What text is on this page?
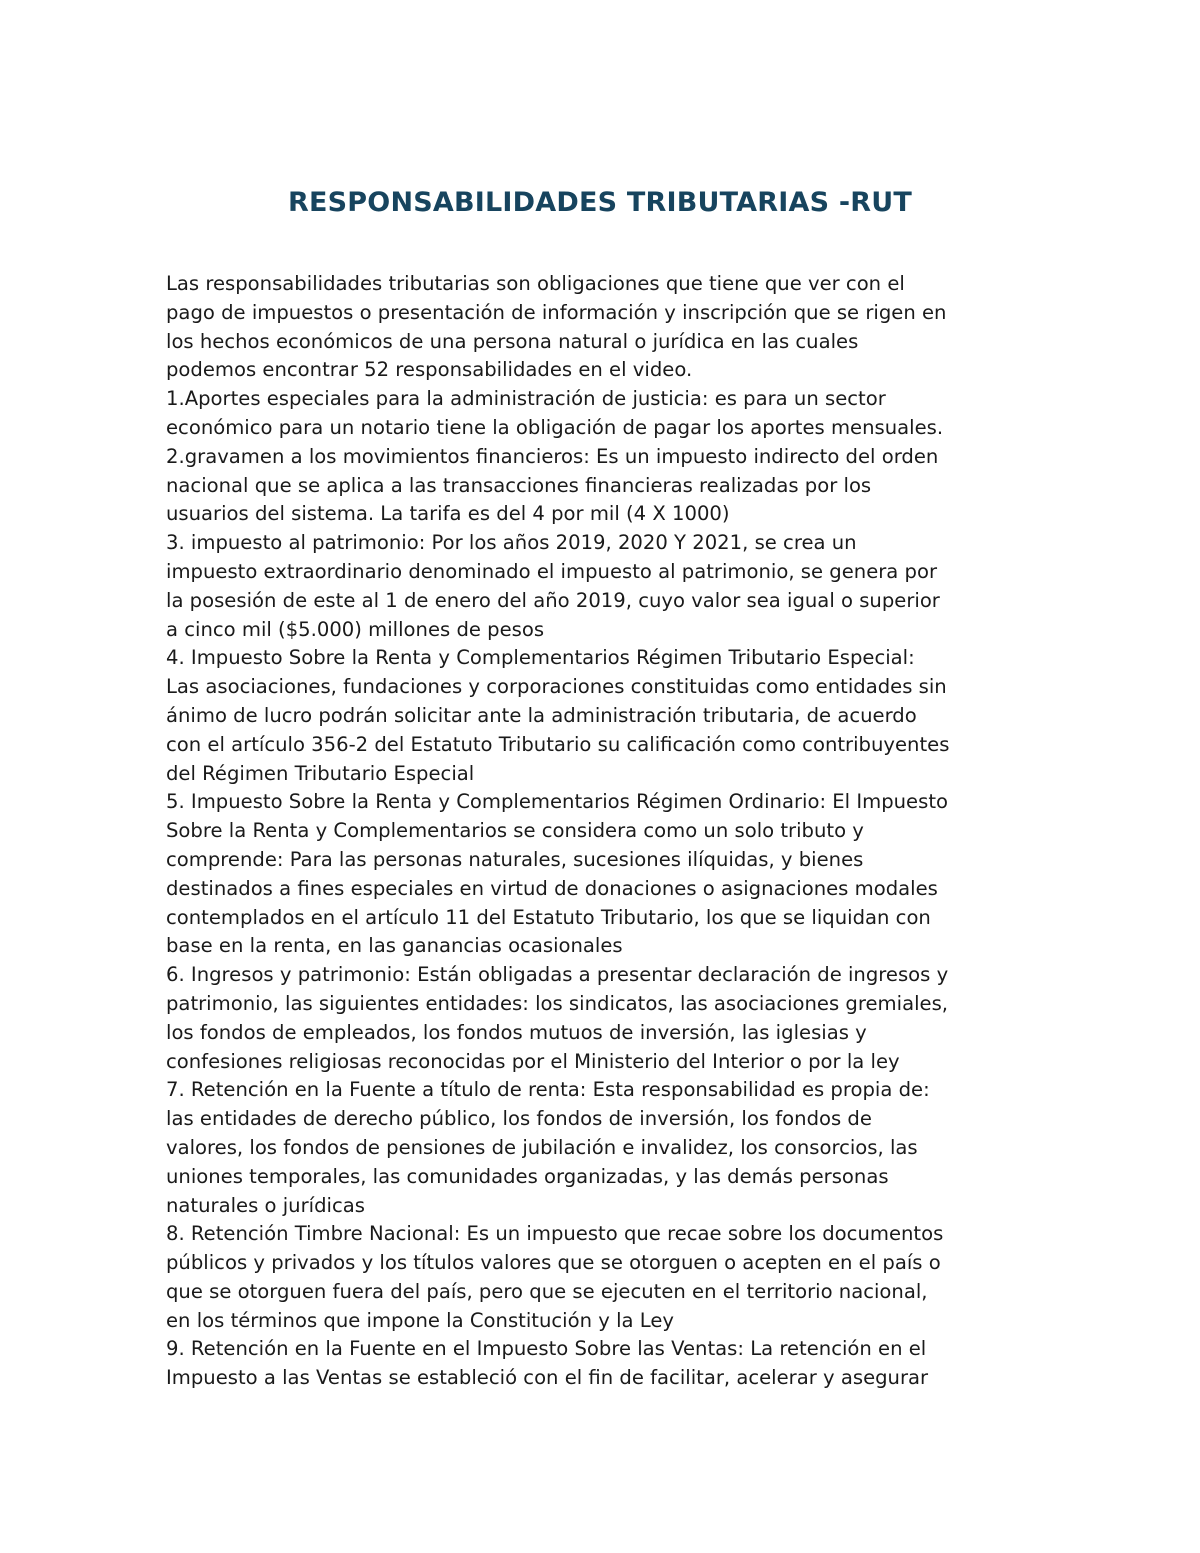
RESPONSABILIDADES TRIBUTARIAS -RUT
Las responsabilidades tributarias son obligaciones que tiene que ver con el
pago de impuestos o presentación de información y inscripción que se rigen en
los hechos económicos de una persona natural o jurídica en las cuales
podemos encontrar 52 responsabilidades en el video.
1.Aportes especiales para la administración de justicia: es para un sector
económico para un notario tiene la obligación de pagar los aportes mensuales.
2.gravamen a los movimientos financieros: Es un impuesto indirecto del orden
nacional que se aplica a las transacciones financieras realizadas por los
usuarios del sistema. La tarifa es del 4 por mil (4 X 1000)
3. impuesto al patrimonio: Por los años 2019, 2020 Y 2021, se crea un
impuesto extraordinario denominado el impuesto al patrimonio, se genera por
la posesión de este al 1 de enero del año 2019, cuyo valor sea igual o superior
a cinco mil ($5.000) millones de pesos
4. Impuesto Sobre la Renta y Complementarios Régimen Tributario Especial:
Las asociaciones, fundaciones y corporaciones constituidas como entidades sin
ánimo de lucro podrán solicitar ante la administración tributaria, de acuerdo
con el artículo 356-2 del Estatuto Tributario su calificación como contribuyentes
del Régimen Tributario Especial
5. Impuesto Sobre la Renta y Complementarios Régimen Ordinario: El Impuesto
Sobre la Renta y Complementarios se considera como un solo tributo y
comprende: Para las personas naturales, sucesiones ilíquidas, y bienes
destinados a fines especiales en virtud de donaciones o asignaciones modales
contemplados en el artículo 11 del Estatuto Tributario, los que se liquidan con
base en la renta, en las ganancias ocasionales
6. Ingresos y patrimonio: Están obligadas a presentar declaración de ingresos y
patrimonio, las siguientes entidades: los sindicatos, las asociaciones gremiales,
los fondos de empleados, los fondos mutuos de inversión, las iglesias y
confesiones religiosas reconocidas por el Ministerio del Interior o por la ley
7. Retención en la Fuente a título de renta: Esta responsabilidad es propia de:
las entidades de derecho público, los fondos de inversión, los fondos de
valores, los fondos de pensiones de jubilación e invalidez, los consorcios, las
uniones temporales, las comunidades organizadas, y las demás personas
naturales o jurídicas
8. Retención Timbre Nacional: Es un impuesto que recae sobre los documentos
públicos y privados y los títulos valores que se otorguen o acepten en el país o
que se otorguen fuera del país, pero que se ejecuten en el territorio nacional,
en los términos que impone la Constitución y la Ley
9. Retención en la Fuente en el Impuesto Sobre las Ventas: La retención en el
Impuesto a las Ventas se estableció con el fin de facilitar, acelerar y asegurar
